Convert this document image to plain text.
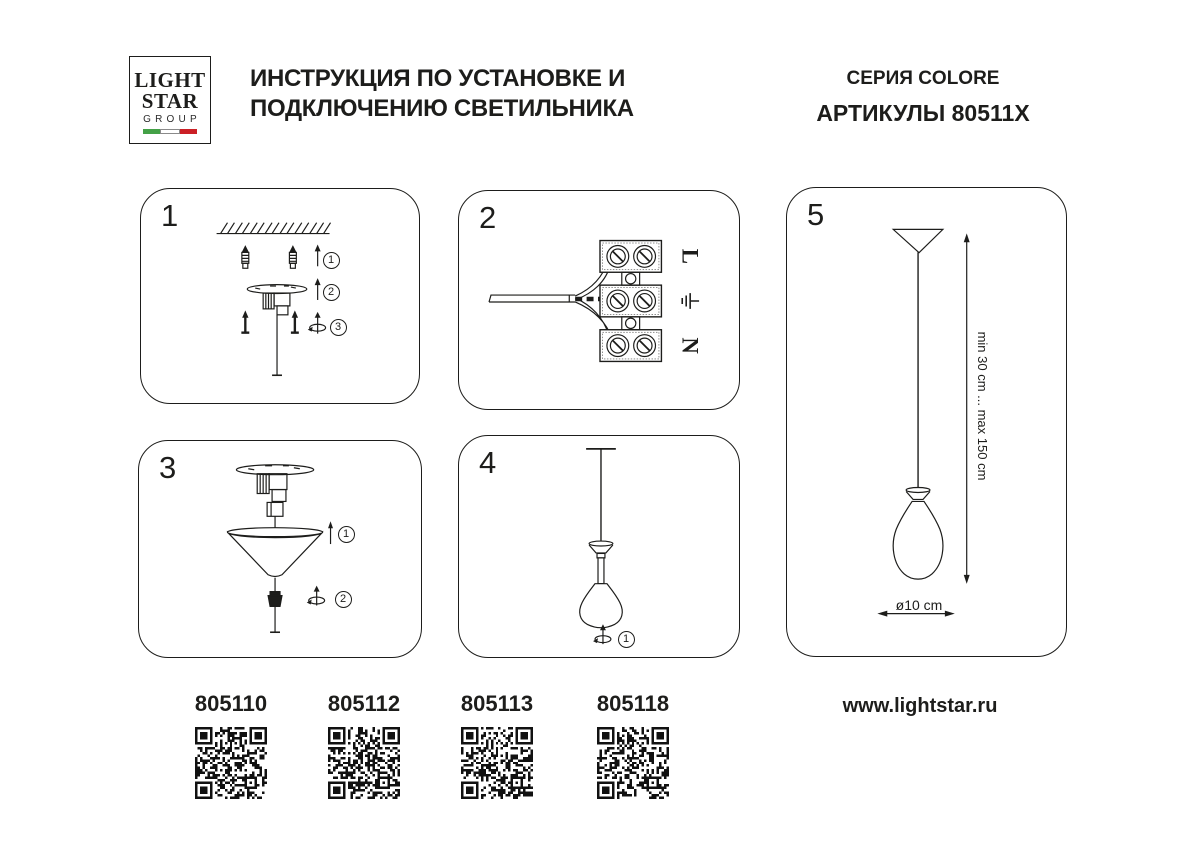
LIGHT
STAR
GROUP
ИНСТРУКЦИЯ ПО УСТАНОВКЕ И
ПОДКЛЮЧЕНИЮ СВЕТИЛЬНИКА
СЕРИЯ COLORE
АРТИКУЛЫ 80511X
1
1
2
3
L
N
2
3
1
2
4
1
5
min 30 cm ... max 150 cm
ø10 cm
805110	805112	805113	805118	www.lightstar.ru
